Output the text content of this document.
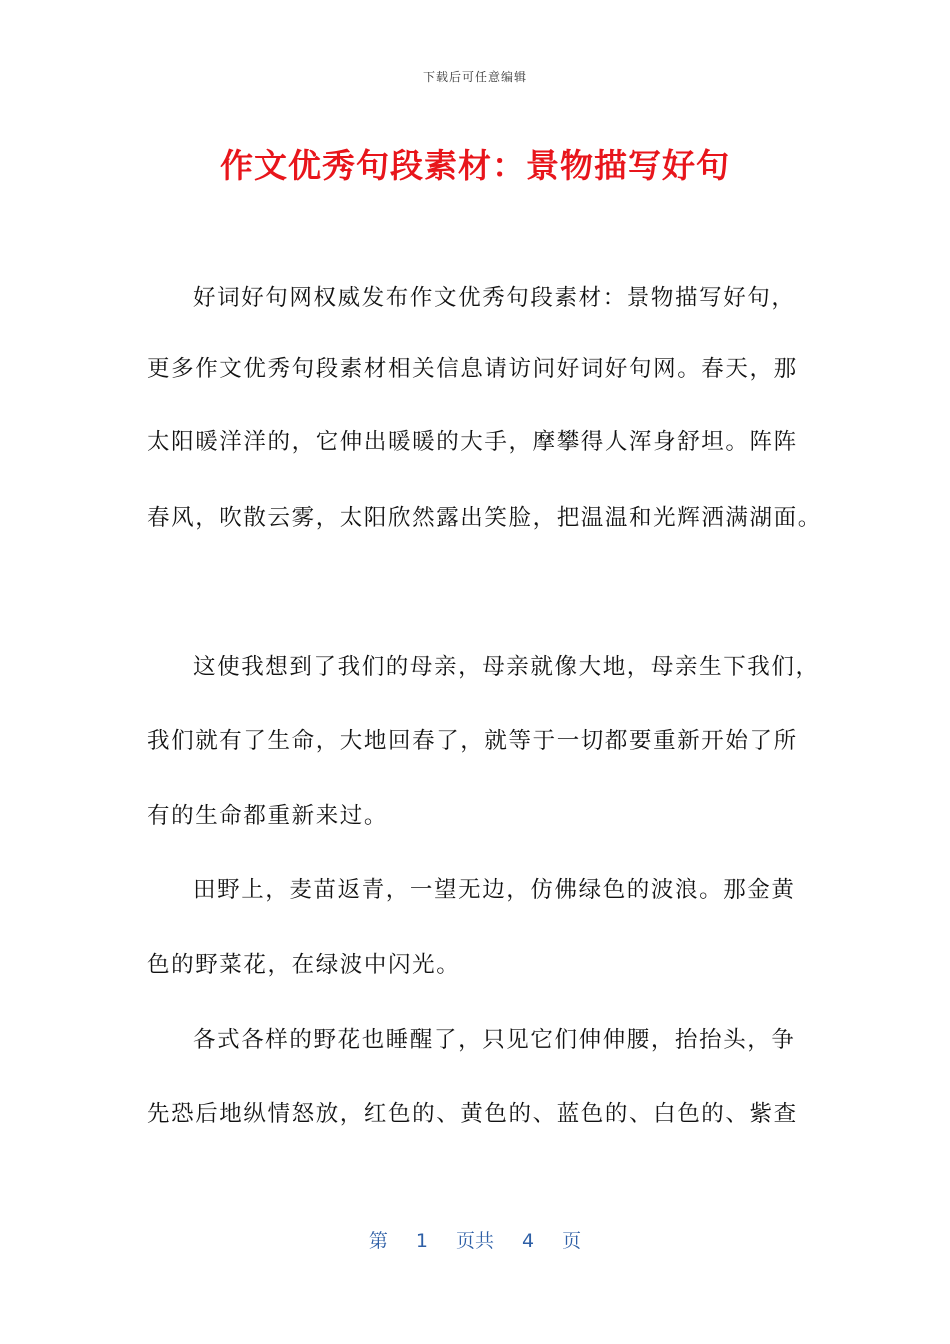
下载后可任意编辑
作文优秀句段素材：景物描写好句
好词好句网权威发布作文优秀句段素材：景物描写好句，
更多作文优秀句段素材相关信息请访问好词好句网。春天，那
太阳暖洋洋的，它伸出暖暖的大手，摩攀得人浑身舒坦。阵阵
春风，吹散云雾，太阳欣然露出笑脸，把温温和光辉洒满湖面。
这使我想到了我们的母亲，母亲就像大地，母亲生下我们，
我们就有了生命，大地回春了，就等于一切都要重新开始了所
有的生命都重新来过。
田野上，麦苗返青，一望无边，仿佛绿色的波浪。那金黄
色的野菜花，在绿波中闪光。
各式各样的野花也睡醒了，只见它们伸伸腰，抬抬头，争
先恐后地纵情怒放，红色的、黄色的、蓝色的、白色的、紫查
第 1 页共 4 页
